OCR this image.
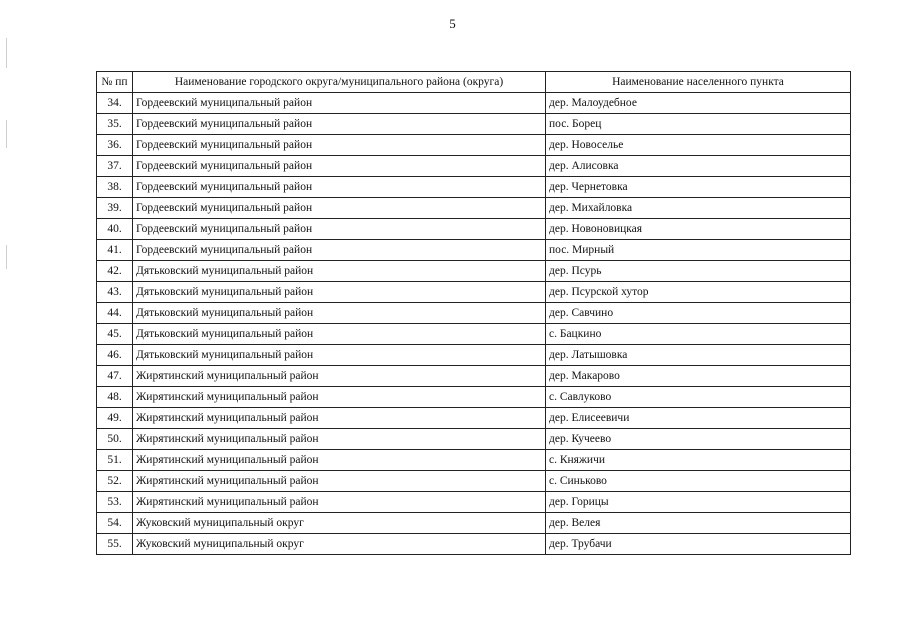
5
№ пп	Наименование городского округа/муниципального района (округа)	Наименование населенного пункта
34.	Гордеевский муниципальный район	дер. Малоудебное
35.	Гордеевский муниципальный район	пос. Борец
36.	Гордеевский муниципальный район	дер. Новоселье
37.	Гордеевский муниципальный район	дер. Алисовка
38.	Гордеевский муниципальный район	дер. Чернетовка
39.	Гордеевский муниципальный район	дер. Михайловка
40.	Гордеевский муниципальный район	дер. Новоновицкая
41.	Гордеевский муниципальный район	пос. Мирный
42.	Дятьковский муниципальный район	дер. Псурь
43.	Дятьковский муниципальный район	дер. Псурской хутор
44.	Дятьковский муниципальный район	дер. Савчино
45.	Дятьковский муниципальный район	с. Бацкино
46.	Дятьковский муниципальный район	дер. Латышовка
47.	Жирятинский муниципальный район	дер. Макарово
48.	Жирятинский муниципальный район	с. Савлуково
49.	Жирятинский муниципальный район	дер. Елисеевичи
50.	Жирятинский муниципальный район	дер. Кучеево
51.	Жирятинский муниципальный район	с. Княжичи
52.	Жирятинский муниципальный район	с. Синьково
53.	Жирятинский муниципальный район	дер. Горицы
54.	Жуковский муниципальный округ	дер. Велея
55.	Жуковский муниципальный округ	дер. Трубачи
